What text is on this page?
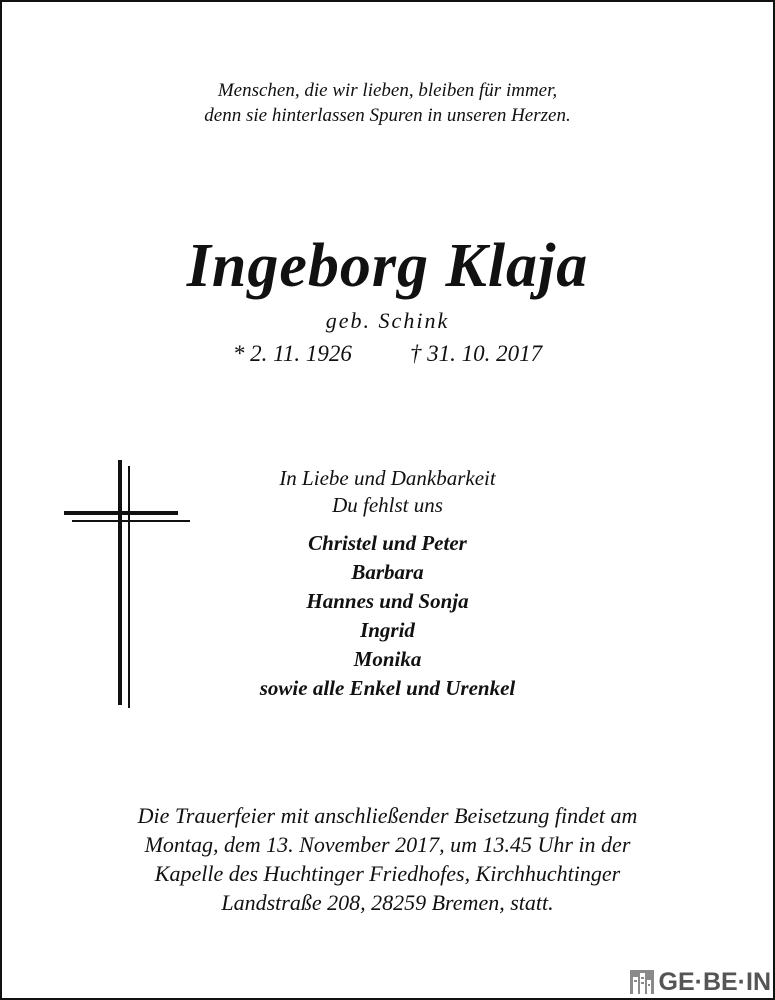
Menschen, die wir lieben, bleiben für immer,
denn sie hinterlassen Spuren in unseren Herzen.
Ingeborg Klaja
geb. Schink
* 2. 11. 1926	† 31. 10. 2017
In Liebe und Dankbarkeit
Du fehlst uns
Christel und Peter
Barbara
Hannes und Sonja
Ingrid
Monika
sowie alle Enkel und Urenkel
Die Trauerfeier mit anschließender Beisetzung findet am
Montag, dem 13. November 2017, um 13.45 Uhr in der
Kapelle des Huchtinger Friedhofes, Kirchhuchtinger
Landstraße 208, 28259 Bremen, statt.
GE·BE·IN
